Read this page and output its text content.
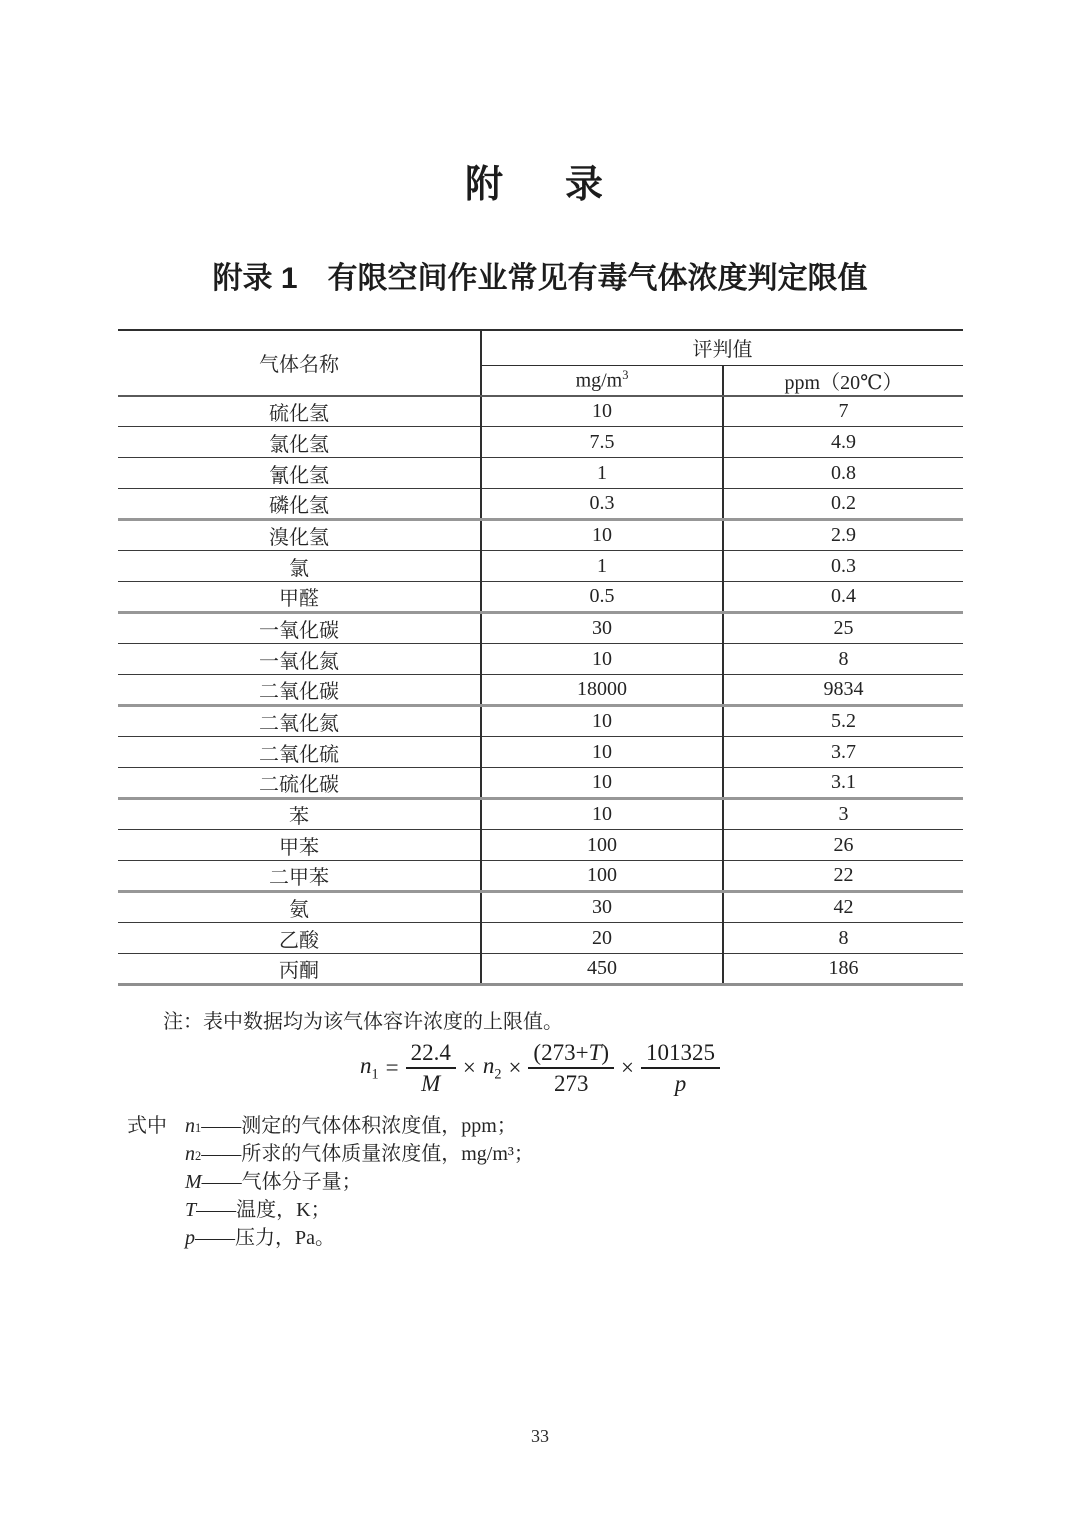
附　录
附录 1　有限空间作业常见有毒气体浓度判定限值
气体名称	评判值	
	$mg/m^3$	ppm（20℃）
硫化氢	10	7
氯化氢	7.5	4.9
氰化氢	1	0.8
磷化氢	0.3	0.2
溴化氢	10	2.9
氯	1	0.3
甲醛	0.5	0.4
一氧化碳	30	25
一氧化氮	10	8
二氧化碳	18000	9834
二氧化氮	10	5.2
二氧化硫	10	3.7
二硫化碳	10	3.1
苯	10	3
甲苯	100	26
二甲苯	100	22
氨	30	42
乙酸	20	8
丙酮	450	186
注：表中数据均为该气体容许浓度的上限值。
$n_1 = \frac{22.4}{M} \times n_2 \times \frac{(273+T)}{273} \times \frac{101325}{p}$
式中 n 1 —— 测定的气体体积浓度值，ppm；
n 2 —— 所求的气体质量浓度值，mg/m³；
M —— 气体分子量；
T —— 温度，K；
p —— 压力，Pa。
33
